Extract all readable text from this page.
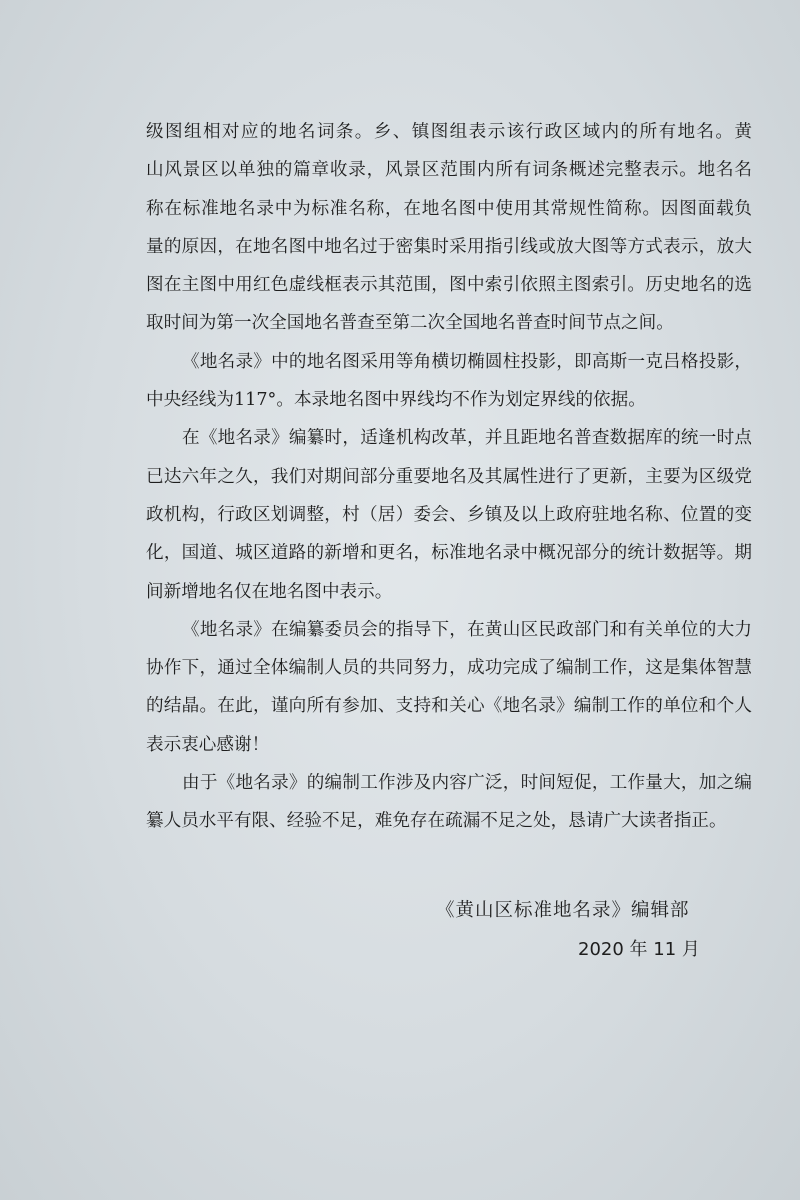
级图组相对应的地名词条。乡、镇图组表示该行政区域内的所有地名。黄
山风景区以单独的篇章收录，风景区范围内所有词条概述完整表示。地名名
称在标准地名录中为标准名称，在地名图中使用其常规性简称。因图面载负
量的原因，在地名图中地名过于密集时采用指引线或放大图等方式表示，放大
图在主图中用红色虚线框表示其范围，图中索引依照主图索引。历史地名的选
取时间为第一次全国地名普查至第二次全国地名普查时间节点之间。
《地名录》中的地名图采用等角横切椭圆柱投影，即高斯一克吕格投影，
中央经线为117°。本录地名图中界线均不作为划定界线的依据。
在《地名录》编纂时，适逢机构改革，并且距地名普查数据库的统一时点
已达六年之久，我们对期间部分重要地名及其属性进行了更新，主要为区级党
政机构，行政区划调整，村（居）委会、乡镇及以上政府驻地名称、位置的变
化，国道、城区道路的新增和更名，标准地名录中概况部分的统计数据等。期
间新增地名仅在地名图中表示。
《地名录》在编纂委员会的指导下，在黄山区民政部门和有关单位的大力
协作下，通过全体编制人员的共同努力，成功完成了编制工作，这是集体智慧
的结晶。在此，谨向所有参加、支持和关心《地名录》编制工作的单位和个人
表示衷心感谢！
由于《地名录》的编制工作涉及内容广泛，时间短促，工作量大，加之编
纂人员水平有限、经验不足，难免存在疏漏不足之处，恳请广大读者指正。
《黄山区标准地名录》编辑部
2020 年 11 月
